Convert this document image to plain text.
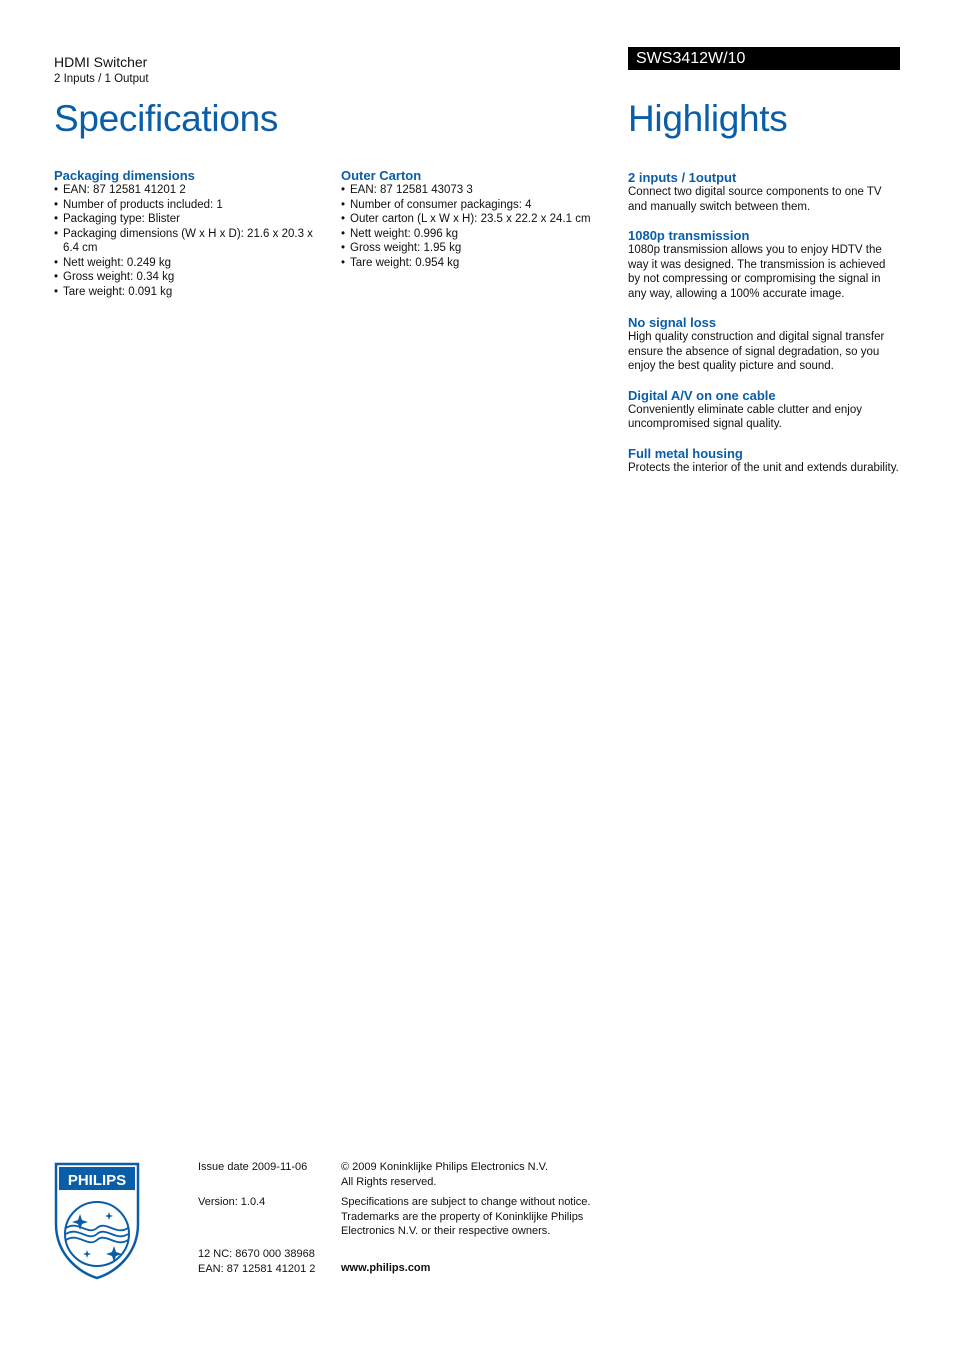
HDMI Switcher
2 Inputs / 1 Output
Specifications
SWS3412W/10
Highlights

Packaging dimensions

• EAN: 87 12581 41201 2
• Number of products included: 1
• Packaging type: Blister
• Packaging dimensions (W x H x D): 21.6 x 20.3 x 6.4 cm
• Nett weight: 0.249 kg
• Gross weight: 0.34 kg
• Tare weight: 0.091 kg

Outer Carton

• EAN: 87 12581 43073 3
• Number of consumer packagings: 4
• Outer carton (L x W x H): 23.5 x 22.2 x 24.1 cm
• Nett weight: 0.996 kg
• Gross weight: 1.95 kg
• Tare weight: 0.954 kg

2 inputs / 1output

Connect two digital source components to one TV and manually switch between them.

1080p transmission

1080p transmission allows you to enjoy HDTV the way it was designed. The transmission is achieved by not compressing or compromising the signal in any way, allowing a 100% accurate image.

No signal loss

High quality construction and digital signal transfer ensure the absence of signal degradation, so you enjoy the best quality picture and sound.

Digital A/V on one cable

Conveniently eliminate cable clutter and enjoy uncompromised signal quality.

Full metal housing

Protects the interior of the unit and extends durability.

PHILIPS
Issue date 2009-11-06
Version: 1.0.4
12 NC: 8670 000 38968
EAN: 87 12581 41201 2
© 2009 Koninklijke Philips Electronics N.V.
All Rights reserved.
Specifications are subject to change without notice. Trademarks are the property of Koninklijke Philips Electronics N.V. or their respective owners.
www.philips.com
